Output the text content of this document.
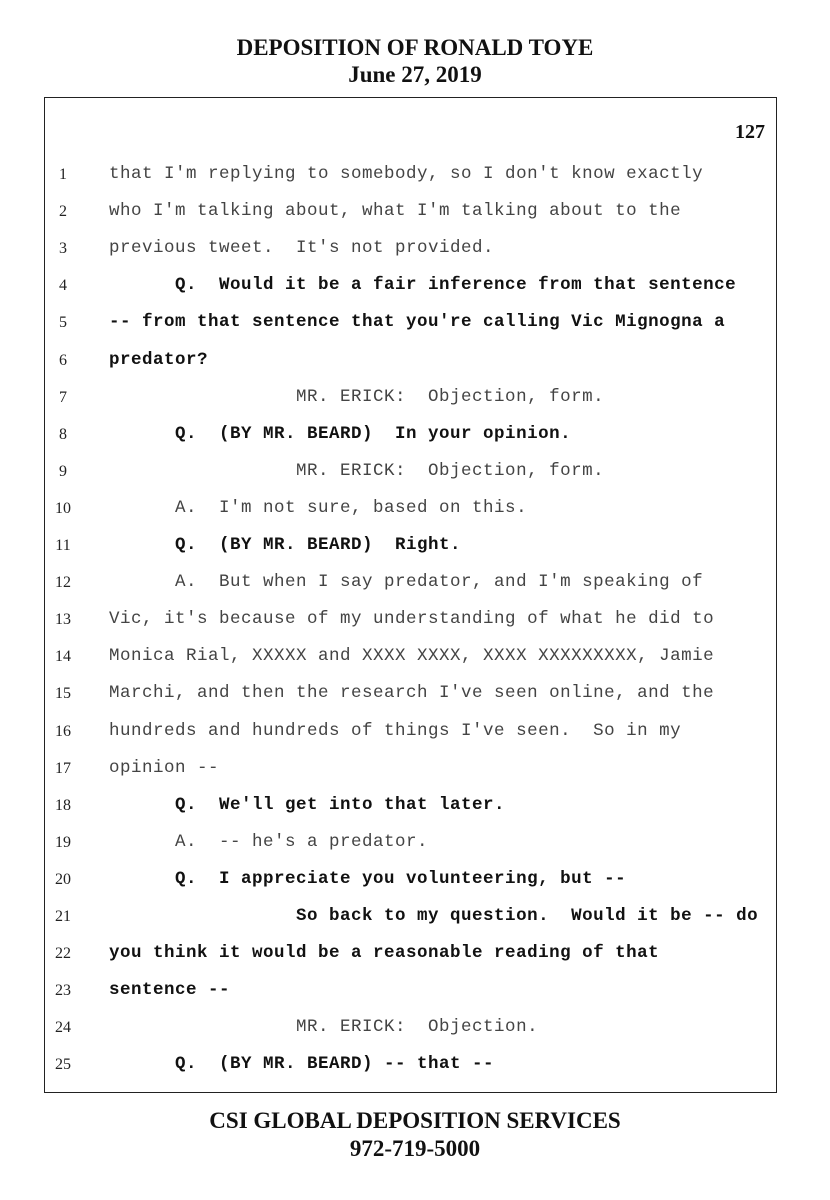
DEPOSITION OF RONALD TOYE
June 27, 2019
127
1	that I'm replying to somebody, so I don't know exactly
2	who I'm talking about, what I'm talking about to the
3	previous tweet.  It's not provided.
4	Q.  Would it be a fair inference from that sentence
5	-- from that sentence that you're calling Vic Mignogna a
6	predator?
7	MR. ERICK:  Objection, form.
8	Q.  (BY MR. BEARD)  In your opinion.
9	MR. ERICK:  Objection, form.
10	A.  I'm not sure, based on this.
11	Q.  (BY MR. BEARD)  Right.
12	A.  But when I say predator, and I'm speaking of
13	Vic, it's because of my understanding of what he did to
14	Monica Rial, XXXXX and XXXX XXXX, XXXX XXXXXXXXX, Jamie
15	Marchi, and then the research I've seen online, and the
16	hundreds and hundreds of things I've seen.  So in my
17	opinion --
18	Q.  We'll get into that later.
19	A.  -- he's a predator.
20	Q.  I appreciate you volunteering, but --
21	So back to my question.  Would it be -- do
22	you think it would be a reasonable reading of that
23	sentence --
24	MR. ERICK:  Objection.
25	Q.  (BY MR. BEARD) -- that --
CSI GLOBAL DEPOSITION SERVICES
972-719-5000
